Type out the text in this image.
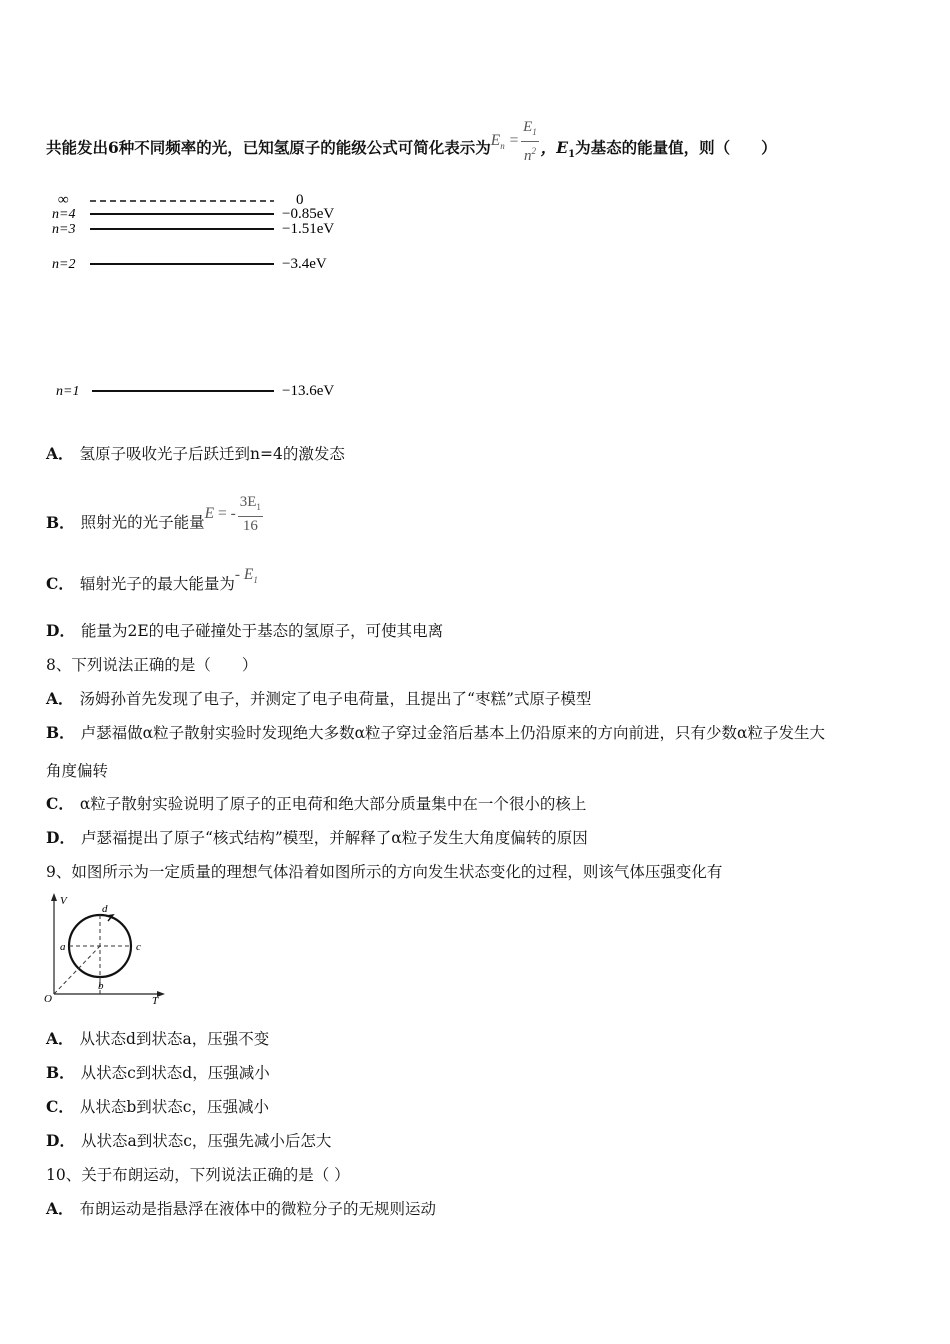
共能发出6种不同频率的光，已知氢原子的能级公式可简化表示为$E_n = \frac{E_1}{n^2}$ ，$E_1$为基态的能量值，则（　　）
∞	0
n=4	−0.85eV
n=3	−1.51eV
n=2	−3.4eV
n=1	−13.6eV
A． 氢原子吸收光子后跃迁到n=4的激发态
B． 照射光的光子能量E = - $\frac{3E_1}{16}$
C． 辐射光子的最大能量为- $E_1$
D． 能量为2E的电子碰撞处于基态的氢原子，可使其电离
8、下列说法正确的是（　　）
A． 汤姆孙首先发现了电子，并测定了电子电荷量，且提出了“枣糕”式原子模型
B． 卢瑟福做α粒子散射实验时发现绝大多数α粒子穿过金箔后基本上仍沿原来的方向前进，只有少数α粒子发生大
角度偏转
C． α粒子散射实验说明了原子的正电荷和绝大部分质量集中在一个很小的核上
D． 卢瑟福提出了原子“核式结构”模型，并解释了α粒子发生大角度偏转的原因
9、如图所示为一定质量的理想气体沿着如图所示的方向发生状态变化的过程，则该气体压强变化有
V
T
O
a
b
c
d
A． 从状态d到状态a，压强不变
B． 从状态c到状态d，压强减小
C． 从状态b到状态c，压强减小
D． 从状态a到状态c，压强先减小后怎大
10、关于布朗运动，下列说法正确的是（ ）
A． 布朗运动是指悬浮在液体中的微粒分子的无规则运动
